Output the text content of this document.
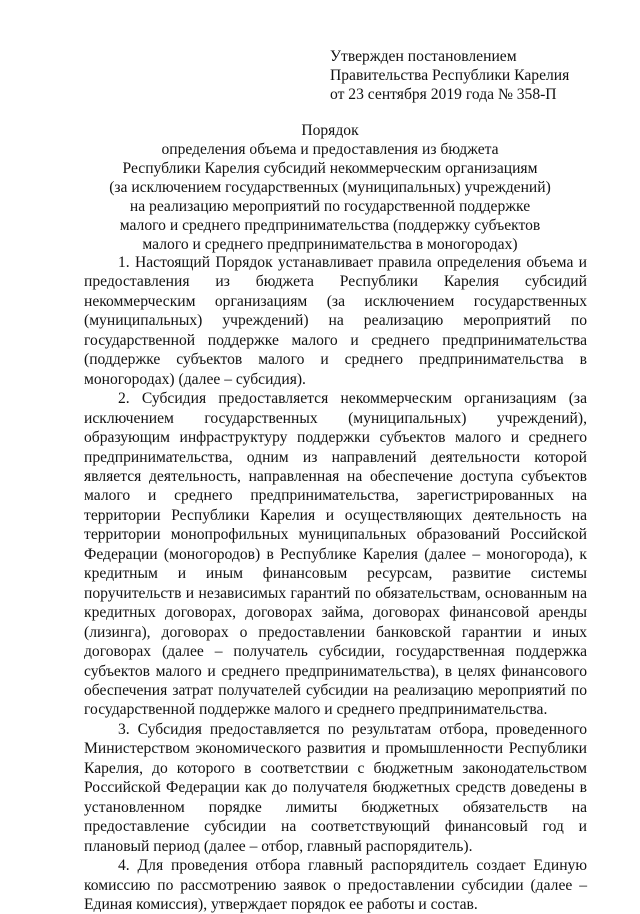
Утвержден постановлением
Правительства Республики Карелия
от 23 сентября 2019 года № 358-П
Порядок
определения объема и предоставления из бюджета
Республики Карелия субсидий некоммерческим организациям
(за исключением государственных (муниципальных) учреждений)
на реализацию мероприятий по государственной поддержке
малого и среднего предпринимательства (поддержку субъектов
малого и среднего предпринимательства в моногородах)

1. Настоящий Порядок устанавливает правила определения объема и предоставления из бюджета Республики Карелия субсидий некоммерческим организациям (за исключением государственных (муниципальных) учреждений) на реализацию мероприятий по государственной поддержке малого и среднего предпринимательства (поддержке субъектов малого и среднего предпринимательства в моногородах) (далее – субсидия).

2. Субсидия предоставляется некоммерческим организациям (за исключением государственных (муниципальных) учреждений), образующим инфраструктуру поддержки субъектов малого и среднего предпринимательства, одним из направлений деятельности которой является деятельность, направленная на обеспечение доступа субъектов малого и среднего предпринимательства, зарегистрированных на территории Республики Карелия и осуществляющих деятельность на территории монопрофильных муниципальных образований Российской Федерации (моногородов) в Республике Карелия (далее – моногорода), к кредитным и иным финансовым ресурсам, развитие системы поручительств и независимых гарантий по обязательствам, основанным на кредитных договорах, договорах займа, договорах финансовой аренды (лизинга), договорах о предоставлении банковской гарантии и иных договорах (далее – получатель субсидии, государственная поддержка субъектов малого и среднего предпринимательства), в целях финансового обеспечения затрат получателей субсидии на реализацию мероприятий по государственной поддержке малого и среднего предпринимательства.

3. Субсидия предоставляется по результатам отбора, проведенного Министерством экономического развития и промышленности Республики Карелия, до которого в соответствии с бюджетным законодательством Российской Федерации как до получателя бюджетных средств доведены в установленном порядке лимиты бюджетных обязательств на предоставление субсидии на соответствующий финансовый год и плановый период (далее – отбор, главный распорядитель).

4. Для проведения отбора главный распорядитель создает Единую комиссию по рассмотрению заявок о предоставлении субсидии (далее – Единая комиссия), утверждает порядок ее работы и состав.
